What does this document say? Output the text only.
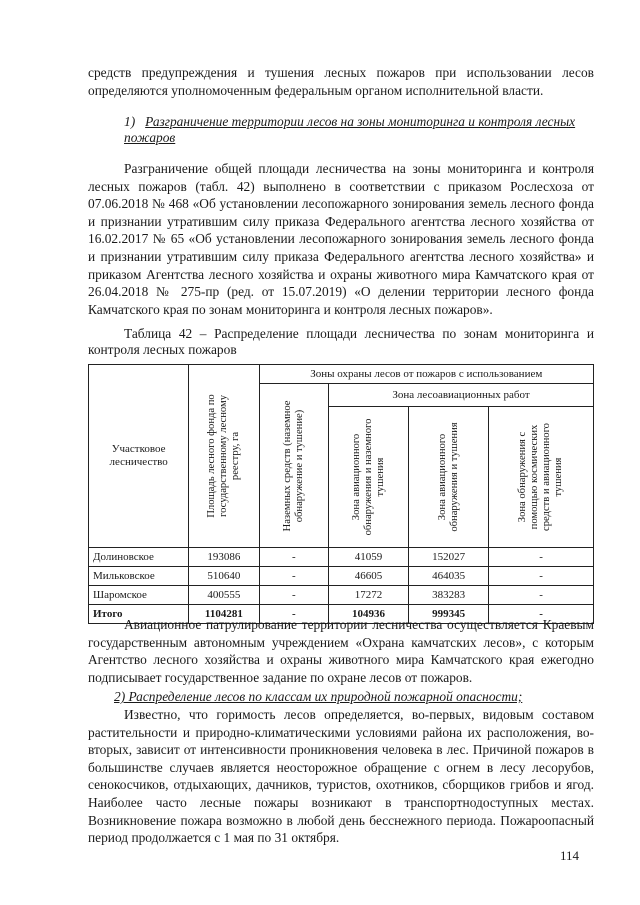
средств предупреждения и тушения лесных пожаров при использовании лесов определяются уполномоченным федеральным органом исполнительной власти.

1) Разграничение территории лесов на зоны мониторинга и контроля лесных пожаров

Разграничение общей площади лесничества на зоны мониторинга и контроля лесных пожаров (табл. 42) выполнено в соответствии с приказом Рослесхоза от 07.06.2018 № 468 «Об установлении лесопожарного зонирования земель лесного фонда и признании утратившим силу приказа Федерального агентства лесного хозяйства от 16.02.2017 № 65 «Об установлении лесопожарного зонирования земель лесного фонда и признании утратившим силу приказа Федерального агентства лесного хозяйства» и приказом Агентства лесного хозяйства и охраны животного мира Камчатского края от 26.04.2018 № 275-пр (ред. от 15.07.2019) «О делении территории лесного фонда Камчатского края по зонам мониторинга и контроля лесных пожаров».

Таблица 42 – Распределение площади лесничества по зонам мониторинга и контроля лесных пожаров

Участковое лесничество	Площадь лесного фонда по государственному лесному реестру, га	Зоны охраны лесов от пожаров с использованием			

		Наземных средств (наземное обнаружение и тушение)	Зона лесоавиационных работ		

			Зона авиационного обнаружения и наземного тушения	Зона авиационного обнаружения и тушения	Зона обнаружения с помощью космических средств и авиационного тушения

Долиновское	193086	-	41059	152027	-
Мильковское	510640	-	46605	464035	-
Шаромское	400555	-	17272	383283	-
Итого	1104281	-	104936	999345	-

Авиационное патрулирование территории лесничества осуществляется Краевым государственным автономным учреждением «Охрана камчатских лесов», с которым Агентство лесного хозяйства и охраны животного мира Камчатского края ежегодно подписывает государственное задание по охране лесов от пожаров.

2) Распределение лесов по классам их природной пожарной опасности;

Известно, что горимость лесов определяется, во-первых, видовым составом растительности и природно-климатическими условиями района их расположения, во-вторых, зависит от интенсивности проникновения человека в лес. Причиной пожаров в большинстве случаев является неосторожное обращение с огнем в лесу лесорубов, сенокосчиков, отдыхающих, дачников, туристов, охотников, сборщиков грибов и ягод. Наиболее часто лесные пожары возникают в транспортнодоступных местах. Возникновение пожара возможно в любой день бесснежного периода. Пожароопасный период продолжается с 1 мая по 31 октября.

114
